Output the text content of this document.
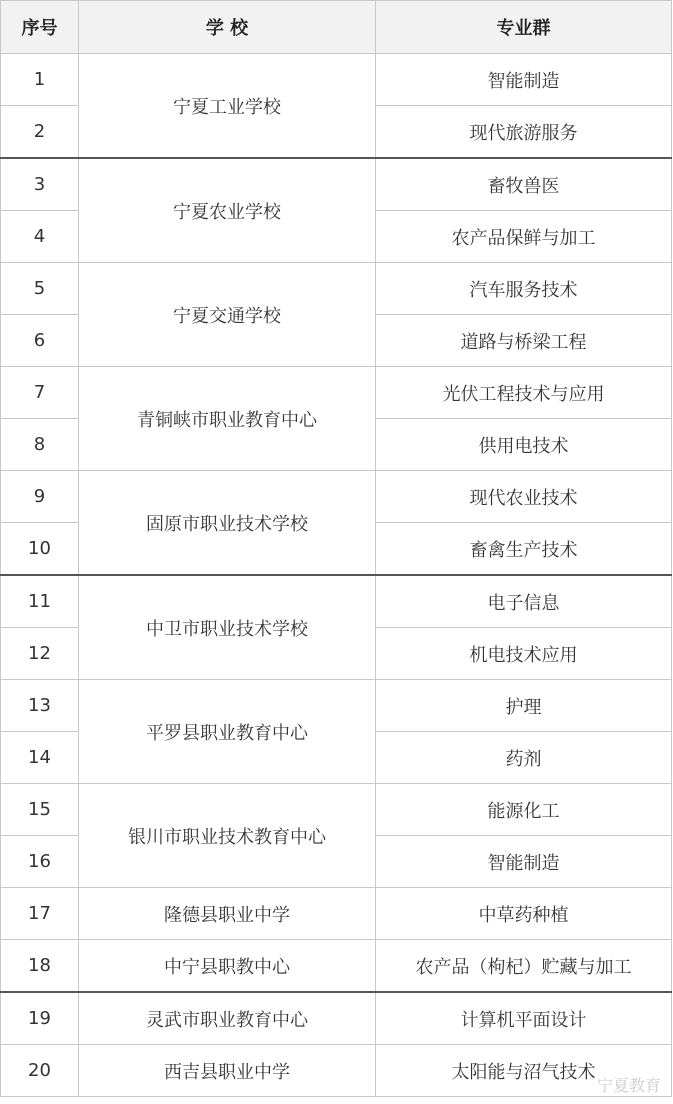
序号	学 校	专业群
1	宁夏工业学校	智能制造
2		现代旅游服务
3	宁夏农业学校	畜牧兽医
4		农产品保鲜与加工
5	宁夏交通学校	汽车服务技术
6		道路与桥梁工程
7	青铜峡市职业教育中心	光伏工程技术与应用
8		供用电技术
9	固原市职业技术学校	现代农业技术
10		畜禽生产技术
11	中卫市职业技术学校	电子信息
12		机电技术应用
13	平罗县职业教育中心	护理
14		药剂
15	银川市职业技术教育中心	能源化工
16		智能制造
17	隆德县职业中学	中草药种植
18	中宁县职教中心	农产品（枸杞）贮藏与加工
19	灵武市职业教育中心	计算机平面设计
20	西吉县职业中学	太阳能与沼气技术
宁夏教育
